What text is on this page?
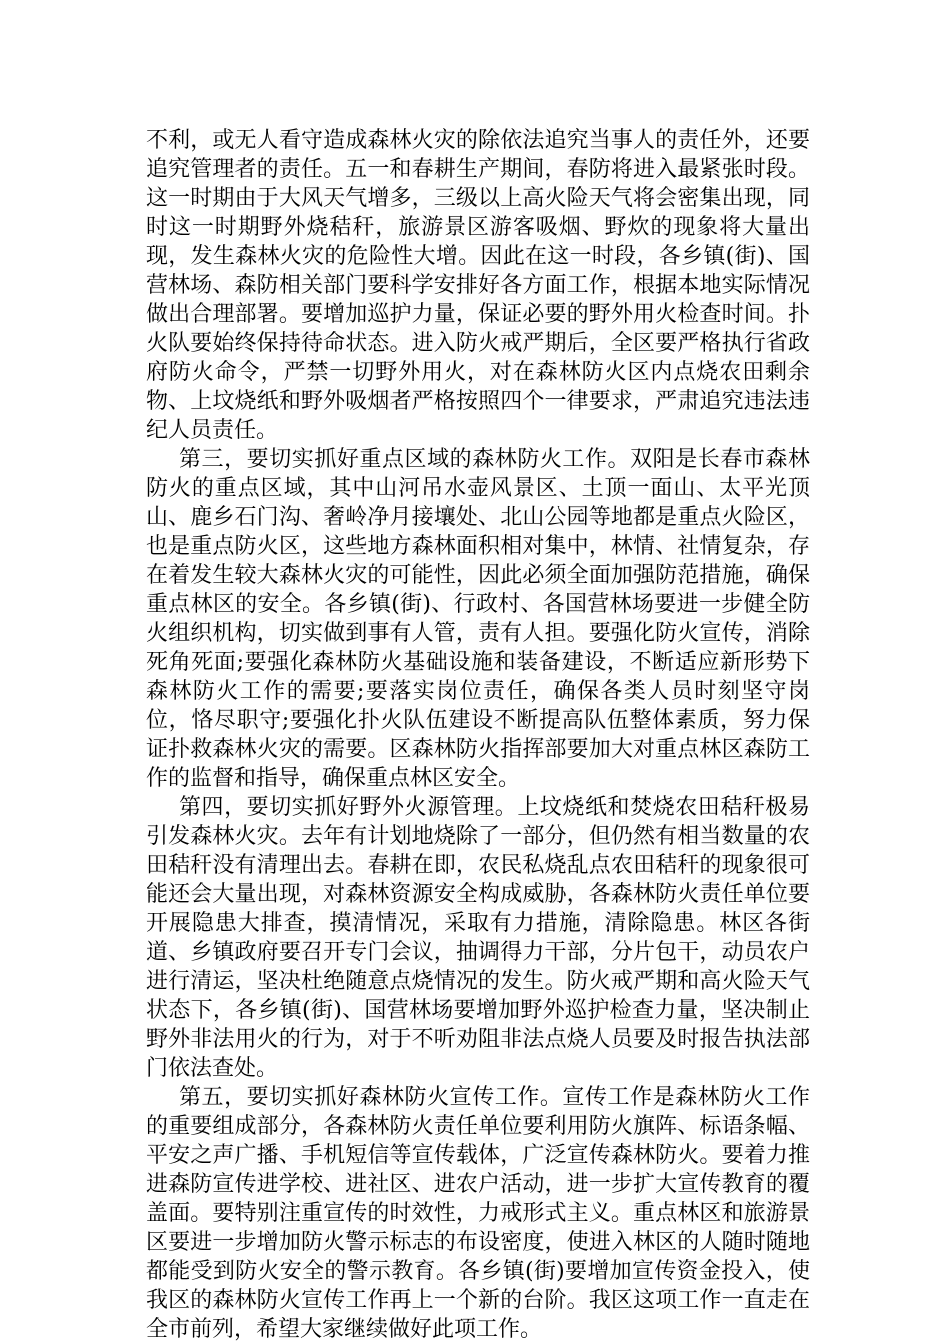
不利，或无人看守造成森林火灾的除依法追究当事人的责任外，还要追究管理者的责任。五一和春耕生产期间，春防将进入最紧张时段。这一时期由于大风天气增多，三级以上高火险天气将会密集出现，同时这一时期野外烧秸秆，旅游景区游客吸烟、野炊的现象将大量出现，发生森林火灾的危险性大增。因此在这一时段，各乡镇(街)、国营林场、森防相关部门要科学安排好各方面工作，根据本地实际情况做出合理部署。要增加巡护力量，保证必要的野外用火检查时间。扑火队要始终保持待命状态。进入防火戒严期后，全区要严格执行省政府防火命令，严禁一切野外用火，对在森林防火区内点烧农田剩余物、上坟烧纸和野外吸烟者严格按照四个一律要求，严肃追究违法违纪人员责任。

第三，要切实抓好重点区域的森林防火工作。双阳是长春市森林防火的重点区域，其中山河吊水壶风景区、土顶一面山、太平光顶山、鹿乡石门沟、奢岭净月接壤处、北山公园等地都是重点火险区，也是重点防火区，这些地方森林面积相对集中，林情、社情复杂，存在着发生较大森林火灾的可能性，因此必须全面加强防范措施，确保重点林区的安全。各乡镇(街)、行政村、各国营林场要进一步健全防火组织机构，切实做到事有人管，责有人担。要强化防火宣传，消除死角死面;要强化森林防火基础设施和装备建设，不断适应新形势下森林防火工作的需要;要落实岗位责任，确保各类人员时刻坚守岗位，恪尽职守;要强化扑火队伍建设不断提高队伍整体素质，努力保证扑救森林火灾的需要。区森林防火指挥部要加大对重点林区森防工作的监督和指导，确保重点林区安全。

第四，要切实抓好野外火源管理。上坟烧纸和焚烧农田秸秆极易引发森林火灾。去年有计划地烧除了一部分，但仍然有相当数量的农田秸秆没有清理出去。春耕在即，农民私烧乱点农田秸秆的现象很可能还会大量出现，对森林资源安全构成威胁，各森林防火责任单位要开展隐患大排查，摸清情况，采取有力措施，清除隐患。林区各街道、乡镇政府要召开专门会议，抽调得力干部，分片包干，动员农户进行清运，坚决杜绝随意点烧情况的发生。防火戒严期和高火险天气状态下，各乡镇(街)、国营林场要增加野外巡护检查力量，坚决制止野外非法用火的行为，对于不听劝阻非法点烧人员要及时报告执法部门依法查处。

第五，要切实抓好森林防火宣传工作。宣传工作是森林防火工作的重要组成部分，各森林防火责任单位要利用防火旗阵、标语条幅、平安之声广播、手机短信等宣传载体，广泛宣传森林防火。要着力推进森防宣传进学校、进社区、进农户活动，进一步扩大宣传教育的覆盖面。要特别注重宣传的时效性，力戒形式主义。重点林区和旅游景区要进一步增加防火警示标志的布设密度，使进入林区的人随时随地都能受到防火安全的警示教育。各乡镇(街)要增加宣传资金投入，使我区的森林防火宣传工作再上一个新的台阶。我区这项工作一直走在全市前列，希望大家继续做好此项工作。
